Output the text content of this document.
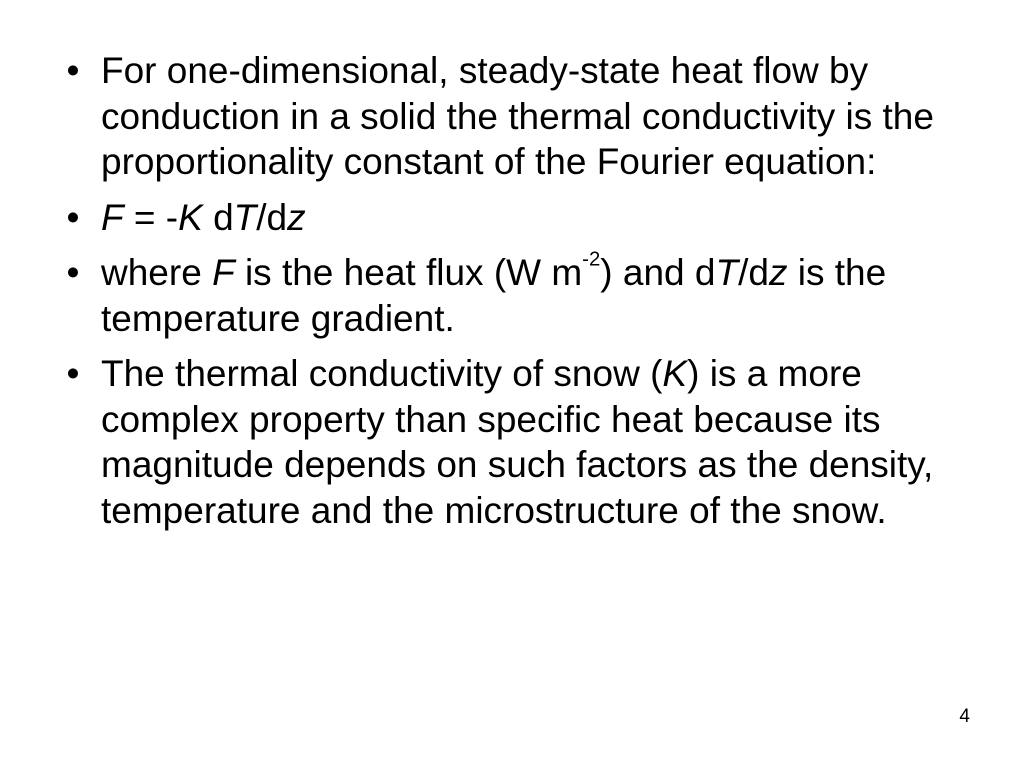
• For one-dimensional, steady-state heat flow by conduction in a solid the thermal conductivity is the proportionality constant of the Fourier equation:
• F = -K dT/dz
• where F is the heat flux (W $m^{-2}$) and dT/dz is the temperature gradient.
• The thermal conductivity of snow (K) is a more complex property than specific heat because its magnitude depends on such factors as the density, temperature and the microstructure of the snow.
4
